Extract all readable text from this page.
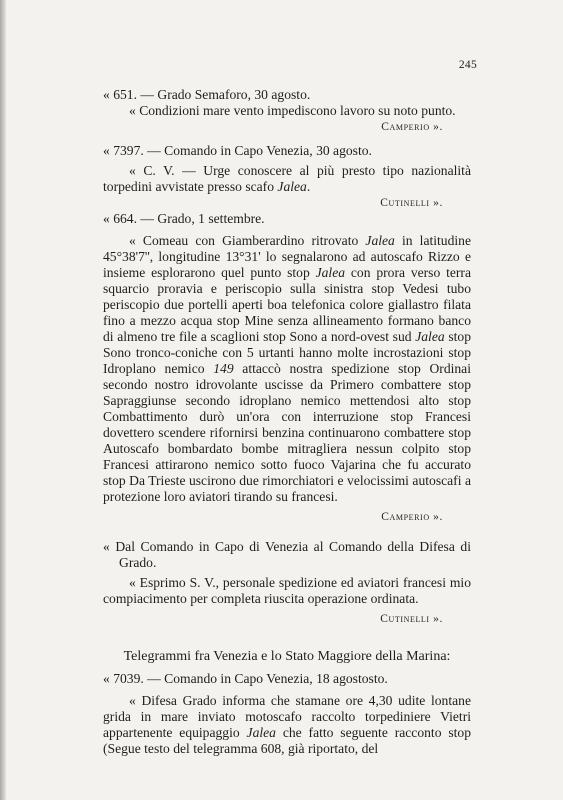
245

« 651. — Grado Semaforo, 30 agosto.

« Condizioni mare vento impediscono lavoro su noto punto.

Camperio ».

« 7397. — Comando in Capo Venezia, 30 agosto.

« C. V. — Urge conoscere al più presto tipo nazionalità torpedini avvistate presso scafo Jalea.

Cutinelli ».

« 664. — Grado, 1 settembre.

« Comeau con Giamberardino ritrovato Jalea in latitudine 45°38'7'', longitudine 13°31' lo segnalarono ad autoscafo Rizzo e insieme esplorarono quel punto stop Jalea con prora verso terra squarcio proravia e periscopio sulla sinistra stop Vedesi tubo periscopio due portelli aperti boa telefonica colore giallastro filata fino a mezzo acqua stop Mine senza allineamento formano banco di almeno tre file a scaglioni stop Sono a nord-ovest sud Jalea stop Sono tronco-coniche con 5 urtanti hanno molte incrostazioni stop Idroplano nemico 149 attaccò nostra spedizione stop Ordinai secondo nostro idrovolante uscisse da Primero combattere stop Sapraggiunse secondo idroplano nemico mettendosi alto stop Combattimento durò un'ora con interruzione stop Francesi dovettero scendere rifornirsi benzina continuarono combattere stop Autoscafo bombardato bombe mitragliera nessun colpito stop Francesi attirarono nemico sotto fuoco Vajarina che fu accurato stop Da Trieste uscirono due rimorchiatori e velocissimi autoscafi a protezione loro aviatori tirando su francesi.

Camperio ».

« Dal Comando in Capo di Venezia al Comando della Difesa di Grado.

« Esprimo S. V., personale spedizione ed aviatori francesi mio compiacimento per completa riuscita operazione ordinata.

Cutinelli ».

Telegrammi fra Venezia e lo Stato Maggiore della Marina:

« 7039. — Comando in Capo Venezia, 18 agostosto.

« Difesa Grado informa che stamane ore 4,30 udite lontane grida in mare inviato motoscafo raccolto torpediniere Vietri appartenente equipaggio Jalea che fatto seguente racconto stop (Segue testo del telegramma 608, già riportato, del
